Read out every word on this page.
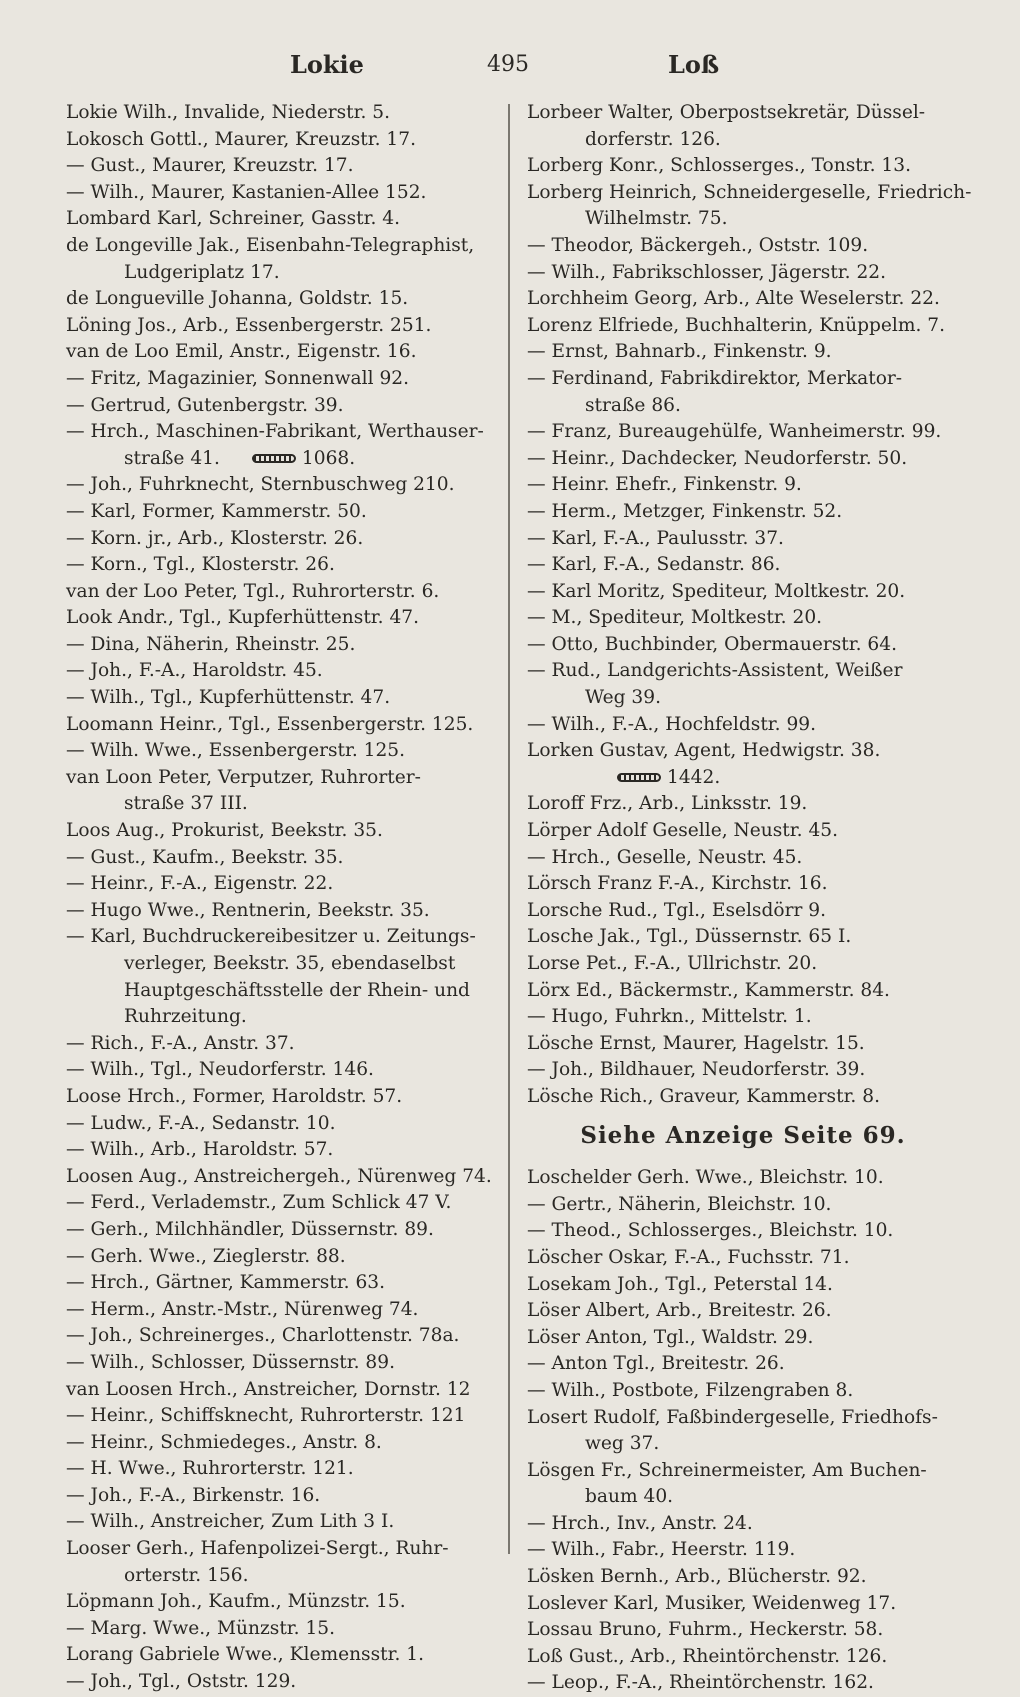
Lokie	495	Loß
Lokie Wilh., Invalide, Niederstr. 5.
Lokosch Gottl., Maurer, Kreuzstr. 17.
— Gust., Maurer, Kreuzstr. 17.
— Wilh., Maurer, Kastanien-Allee 152.
Lombard Karl, Schreiner, Gasstr. 4.
de Longeville Jak., Eisenbahn-Telegraphist,
Ludgeriplatz 17.
de Longueville Johanna, Goldstr. 15.
Löning Jos., Arb., Essenbergerstr. 251.
van de Loo Emil, Anstr., Eigenstr. 16.
— Fritz, Magazinier, Sonnenwall 92.
— Gertrud, Gutenbergstr. 39.
— Hrch., Maschinen-Fabrikant, Werthauser-
straße 41.	1068.
— Joh., Fuhrknecht, Sternbuschweg 210.
— Karl, Former, Kammerstr. 50.
— Korn. jr., Arb., Klosterstr. 26.
— Korn., Tgl., Klosterstr. 26.
van der Loo Peter, Tgl., Ruhrorterstr. 6.
Look Andr., Tgl., Kupferhüttenstr. 47.
— Dina, Näherin, Rheinstr. 25.
— Joh., F.-A., Haroldstr. 45.
— Wilh., Tgl., Kupferhüttenstr. 47.
Loomann Heinr., Tgl., Essenbergerstr. 125.
— Wilh. Wwe., Essenbergerstr. 125.
van Loon Peter, Verputzer, Ruhrorter-
straße 37 III.
Loos Aug., Prokurist, Beekstr. 35.
— Gust., Kaufm., Beekstr. 35.
— Heinr., F.-A., Eigenstr. 22.
— Hugo Wwe., Rentnerin, Beekstr. 35.
— Karl, Buchdruckereibesitzer u. Zeitungs-
verleger, Beekstr. 35, ebendaselbst
Hauptgeschäftsstelle der Rhein- und
Ruhrzeitung.
— Rich., F.-A., Anstr. 37.
— Wilh., Tgl., Neudorferstr. 146.
Loose Hrch., Former, Haroldstr. 57.
— Ludw., F.-A., Sedanstr. 10.
— Wilh., Arb., Haroldstr. 57.
Loosen Aug., Anstreichergeh., Nürenweg 74.
— Ferd., Verlademstr., Zum Schlick 47 V.
— Gerh., Milchhändler, Düssernstr. 89.
— Gerh. Wwe., Zieglerstr. 88.
— Hrch., Gärtner, Kammerstr. 63.
— Herm., Anstr.-Mstr., Nürenweg 74.
— Joh., Schreinerges., Charlottenstr. 78a.
— Wilh., Schlosser, Düssernstr. 89.
van Loosen Hrch., Anstreicher, Dornstr. 12
— Heinr., Schiffsknecht, Ruhrorterstr. 121
— Heinr., Schmiedeges., Anstr. 8.
— H. Wwe., Ruhrorterstr. 121.
— Joh., F.-A., Birkenstr. 16.
— Wilh., Anstreicher, Zum Lith 3 I.
Looser Gerh., Hafenpolizei-Sergt., Ruhr-
orterstr. 156.
Löpmann Joh., Kaufm., Münzstr. 15.
— Marg. Wwe., Münzstr. 15.
Lorang Gabriele Wwe., Klemensstr. 1.
— Joh., Tgl., Oststr. 129.
Lorbeer Walter, Oberpostsekretär, Düssel-
dorferstr. 126.
Lorberg Konr., Schlosserges., Tonstr. 13.
Lorberg Heinrich, Schneidergeselle, Friedrich-
Wilhelmstr. 75.
— Theodor, Bäckergeh., Oststr. 109.
— Wilh., Fabrikschlosser, Jägerstr. 22.
Lorchheim Georg, Arb., Alte Weselerstr. 22.
Lorenz Elfriede, Buchhalterin, Knüppelm. 7.
— Ernst, Bahnarb., Finkenstr. 9.
— Ferdinand, Fabrikdirektor, Merkator-
straße 86.
— Franz, Bureaugehülfe, Wanheimerstr. 99.
— Heinr., Dachdecker, Neudorferstr. 50.
— Heinr. Ehefr., Finkenstr. 9.
— Herm., Metzger, Finkenstr. 52.
— Karl, F.-A., Paulusstr. 37.
— Karl, F.-A., Sedanstr. 86.
— Karl Moritz, Spediteur, Moltkestr. 20.
— M., Spediteur, Moltkestr. 20.
— Otto, Buchbinder, Obermauerstr. 64.
— Rud., Landgerichts-Assistent, Weißer
Weg 39.
— Wilh., F.-A., Hochfeldstr. 99.
Lorken Gustav, Agent, Hedwigstr. 38.
1442.
Loroff Frz., Arb., Linksstr. 19.
Lörper Adolf Geselle, Neustr. 45.
— Hrch., Geselle, Neustr. 45.
Lörsch Franz F.-A., Kirchstr. 16.
Lorsche Rud., Tgl., Eselsdörr 9.
Losche Jak., Tgl., Düssernstr. 65 I.
Lorse Pet., F.-A., Ullrichstr. 20.
Lörx Ed., Bäckermstr., Kammerstr. 84.
— Hugo, Fuhrkn., Mittelstr. 1.
Lösche Ernst, Maurer, Hagelstr. 15.
— Joh., Bildhauer, Neudorferstr. 39.
Lösche Rich., Graveur, Kammerstr. 8.
Siehe Anzeige Seite 69.
Loschelder Gerh. Wwe., Bleichstr. 10.
— Gertr., Näherin, Bleichstr. 10.
— Theod., Schlosserges., Bleichstr. 10.
Löscher Oskar, F.-A., Fuchsstr. 71.
Losekam Joh., Tgl., Peterstal 14.
Löser Albert, Arb., Breitestr. 26.
Löser Anton, Tgl., Waldstr. 29.
— Anton Tgl., Breitestr. 26.
— Wilh., Postbote, Filzengraben 8.
Losert Rudolf, Faßbindergeselle, Friedhofs-
weg 37.
Lösgen Fr., Schreinermeister, Am Buchen-
baum 40.
— Hrch., Inv., Anstr. 24.
— Wilh., Fabr., Heerstr. 119.
Lösken Bernh., Arb., Blücherstr. 92.
Loslever Karl, Musiker, Weidenweg 17.
Lossau Bruno, Fuhrm., Heckerstr. 58.
Loß Gust., Arb., Rheintörchenstr. 126.
— Leop., F.-A., Rheintörchenstr. 162.
